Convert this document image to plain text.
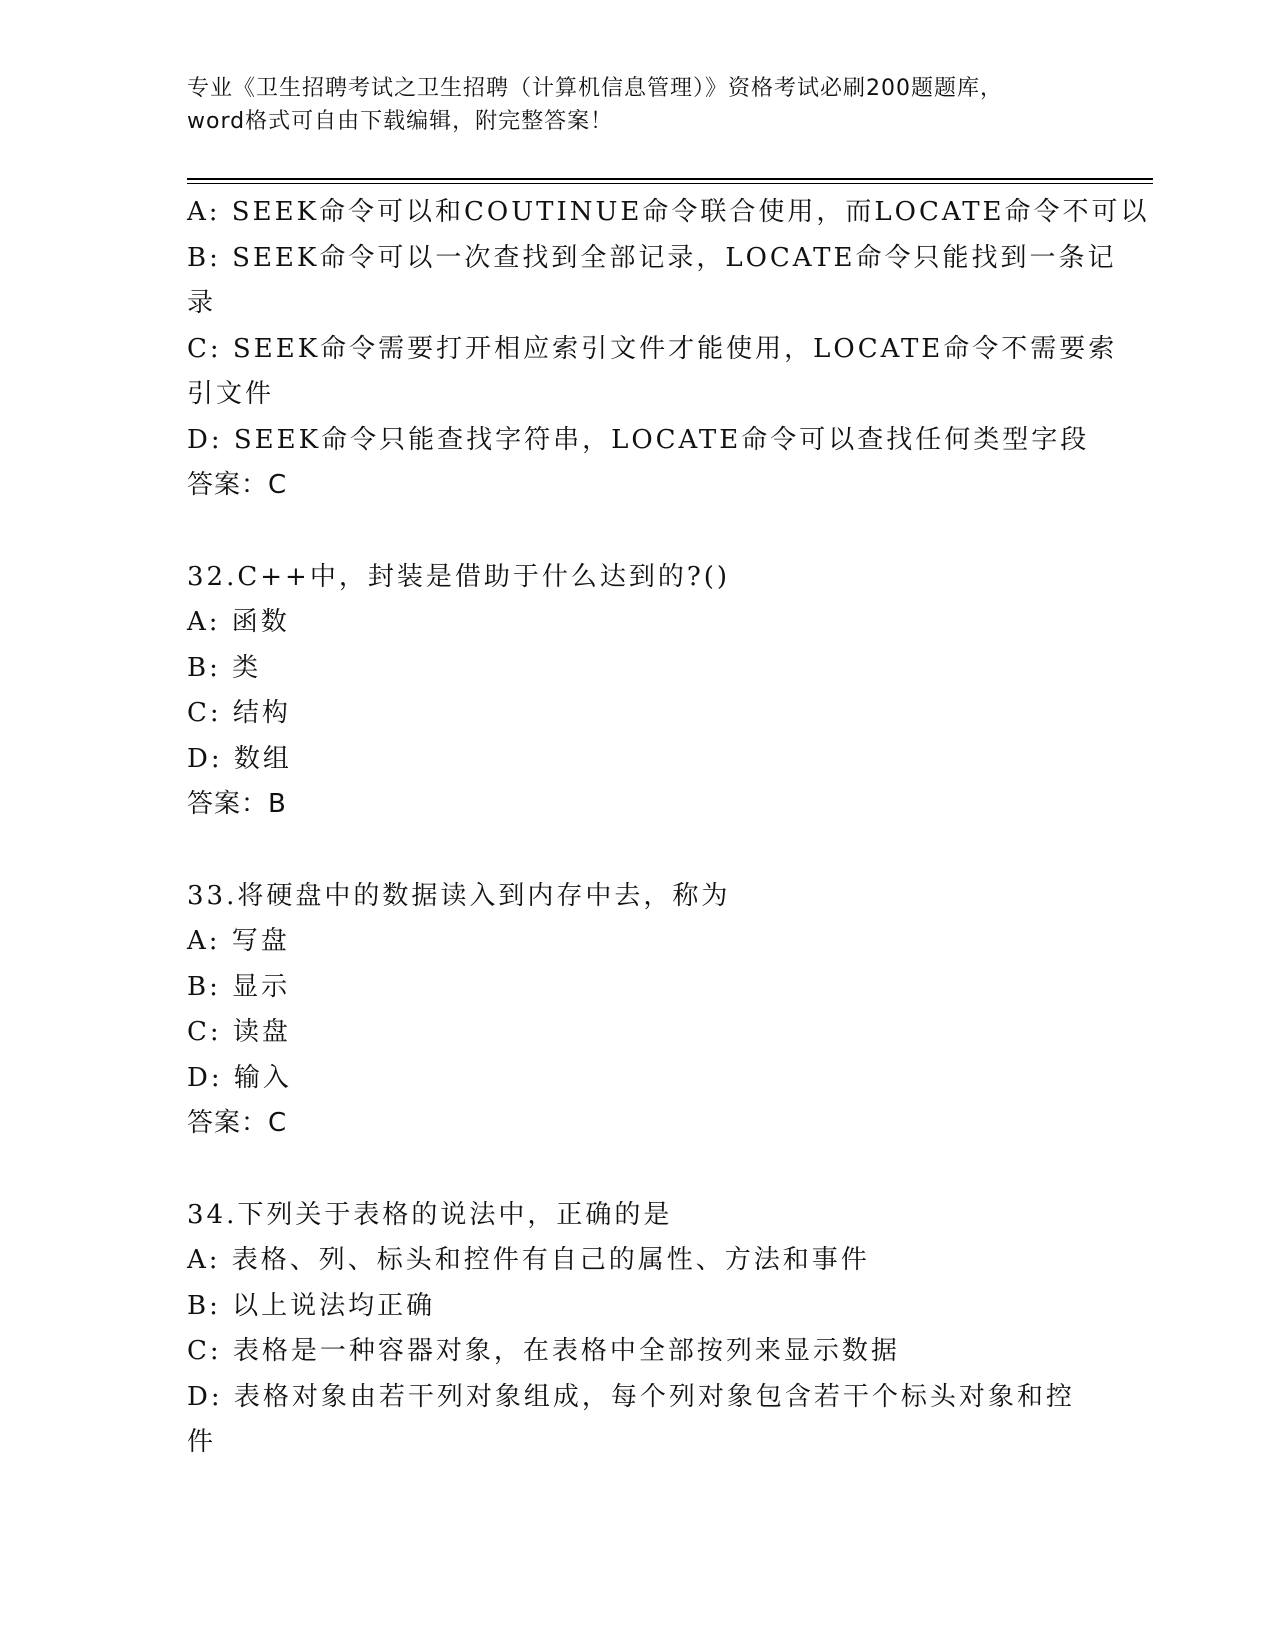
专业《卫生招聘考试之卫生招聘（计算机信息管理）》资格考试必刷200题题库，
word格式可自由下载编辑，附完整答案！
A: SEEK命令可以和COUTINUE命令联合使用，而LOCATE命令不可以
B: SEEK命令可以一次查找到全部记录，LOCATE命令只能找到一条记
录
C: SEEK命令需要打开相应索引文件才能使用，LOCATE命令不需要索
引文件
D: SEEK命令只能查找字符串，LOCATE命令可以查找任何类型字段
答案：C
32.C++中，封装是借助于什么达到的?()
A: 函数
B: 类
C: 结构
D: 数组
答案：B
33.将硬盘中的数据读入到内存中去，称为
A: 写盘
B: 显示
C: 读盘
D: 输入
答案：C
34.下列关于表格的说法中，正确的是
A: 表格、列、标头和控件有自己的属性、方法和事件
B: 以上说法均正确
C: 表格是一种容器对象，在表格中全部按列来显示数据
D: 表格对象由若干列对象组成，每个列对象包含若干个标头对象和控
件
